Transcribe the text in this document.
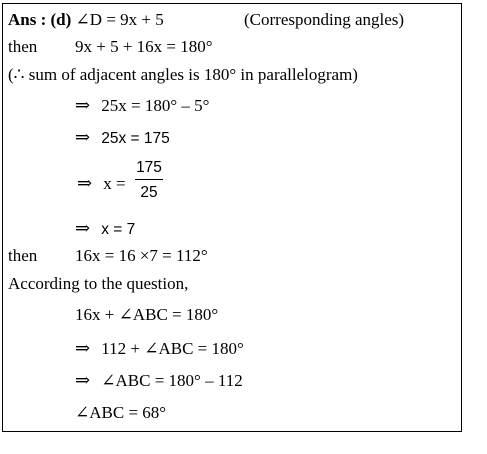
Ans : (d) ∠D = 9x + 5	(Corresponding angles)
then 9x + 5 + 16x = 180°
(∴ sum of adjacent angles is 180° in parallelogram)
⇒ 25x = 180° – 5°
⇒ 25x = 175
⇒ x =
175
25
⇒ x = 7
then 16x = 16 ×7 = 112°
According to the question,
16x + ∠ABC = 180°
⇒ 112 + ∠ABC = 180°
⇒ ∠ABC = 180° – 112
∠ABC = 68°
